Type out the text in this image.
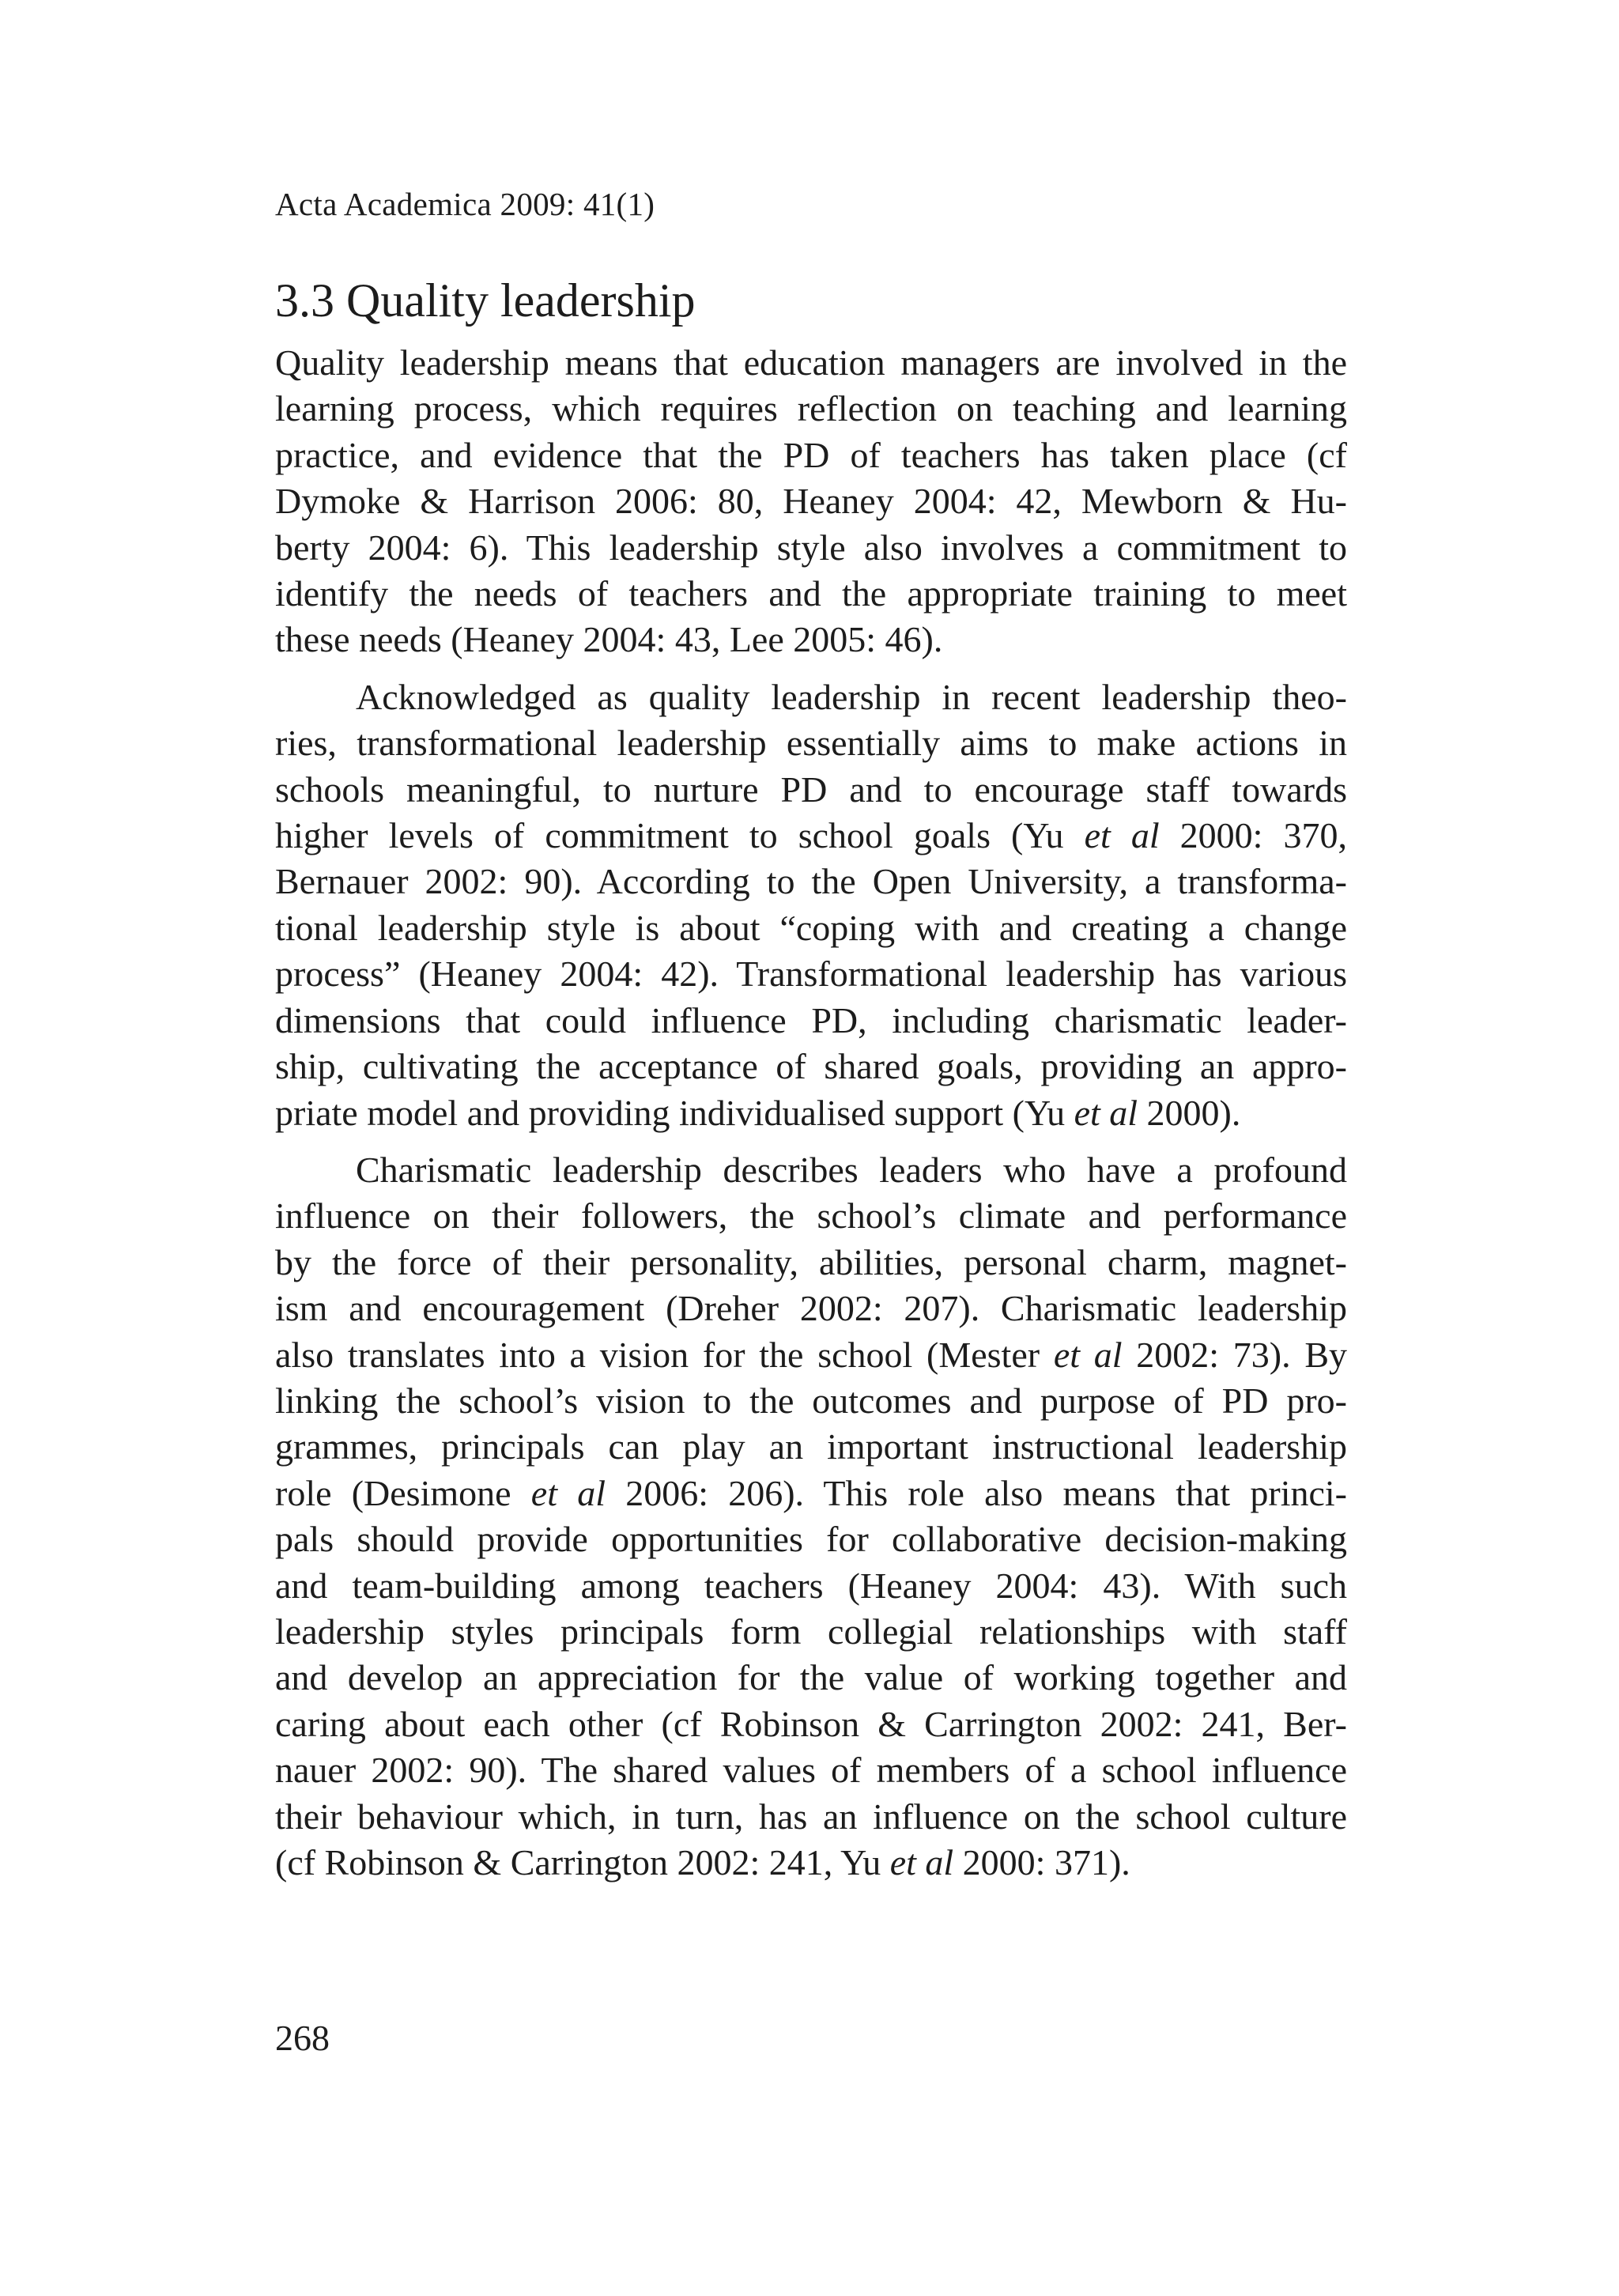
Acta Academica 2009: 41(1)
3.3 Quality leadership

Quality leadership means that education managers are involved in the
learning process, which requires reflection on teaching and learning
practice, and evidence that the PD of teachers has taken place (cf
Dymoke & Harrison 2006: 80, Heaney 2004: 42, Mewborn & Hu-
berty 2004: 6). This leadership style also involves a commitment to
identify the needs of teachers and the appropriate training to meet
these needs (Heaney 2004: 43, Lee 2005: 46).

Acknowledged as quality leadership in recent leadership theo-
ries, transformational leadership essentially aims to make actions in
schools meaningful, to nurture PD and to encourage staff towards
higher levels of commitment to school goals (Yu et al 2000: 370,
Bernauer 2002: 90). According to the Open University, a transforma-
tional leadership style is about “coping with and creating a change
process” (Heaney 2004: 42). Transformational leadership has various
dimensions that could influence PD, including charismatic leader-
ship, cultivating the acceptance of shared goals, providing an appro-
priate model and providing individualised support (Yu et al 2000).

Charismatic leadership describes leaders who have a profound
influence on their followers, the school’s climate and performance
by the force of their personality, abilities, personal charm, magnet-
ism and encouragement (Dreher 2002: 207). Charismatic leadership
also translates into a vision for the school (Mester et al 2002: 73). By
linking the school’s vision to the outcomes and purpose of PD pro-
grammes, principals can play an important instructional leadership
role (Desimone et al 2006: 206). This role also means that princi-
pals should provide opportunities for collaborative decision-making
and team-building among teachers (Heaney 2004: 43). With such
leadership styles principals form collegial relationships with staff
and develop an appreciation for the value of working together and
caring about each other (cf Robinson & Carrington 2002: 241, Ber-
nauer 2002: 90). The shared values of members of a school influence
their behaviour which, in turn, has an influence on the school culture
(cf Robinson & Carrington 2002: 241, Yu et al 2000: 371).

268
